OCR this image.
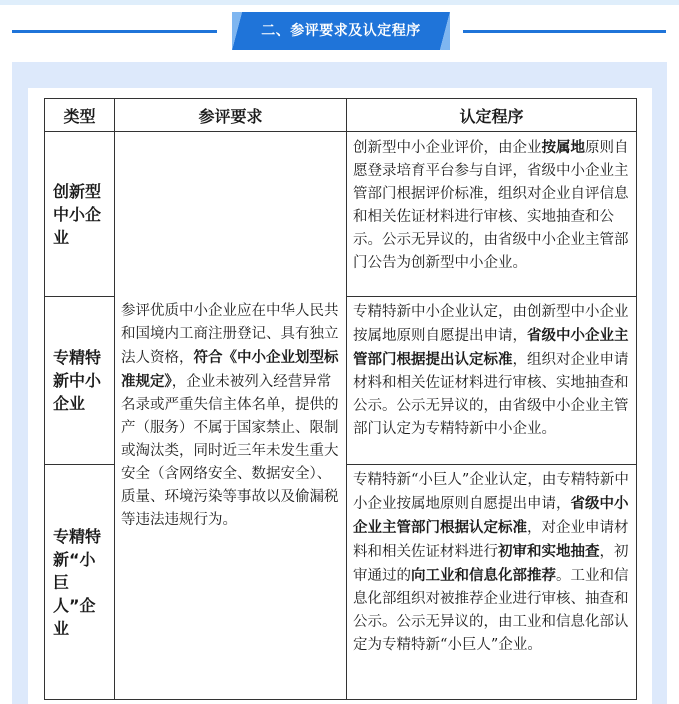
二、参评要求及认定程序
类型	参评要求	认定程序
创新型中小企业	参评优质中小企业应在中华人民共和国境内工商注册登记、具有独立法人资格，符合《中小企业划型标准规定》，企业未被列入经营异常名录或严重失信主体名单，提供的产（服务）不属于国家禁止、限制或淘汰类，同时近三年未发生重大安全（含网络安全、数据安全）、质量、环境污染等事故以及偷漏税等违法违规行为。	创新型中小企业评价，由企业按属地原则自愿登录培育平台参与自评，省级中小企业主管部门根据评价标准，组织对企业自评信息和相关佐证材料进行审核、实地抽查和公示。公示无异议的，由省级中小企业主管部门公告为创新型中小企业。
专精特新中小企业		专精特新中小企业认定，由创新型中小企业按属地原则自愿提出申请，省级中小企业主管部门根据提出认定标准，组织对企业申请材料和相关佐证材料进行审核、实地抽查和公示。公示无异议的，由省级中小企业主管部门认定为专精特新中小企业。
专精特新“小巨人”企业		专精特新“小巨人”企业认定，由专精特新中小企业按属地原则自愿提出申请，省级中小企业主管部门根据认定标准，对企业申请材料和相关佐证材料进行初审和实地抽查，初审通过的向工业和信息化部推荐。工业和信息化部组织对被推荐企业进行审核、抽查和公示。公示无异议的，由工业和信息化部认定为专精特新“小巨人”企业。
